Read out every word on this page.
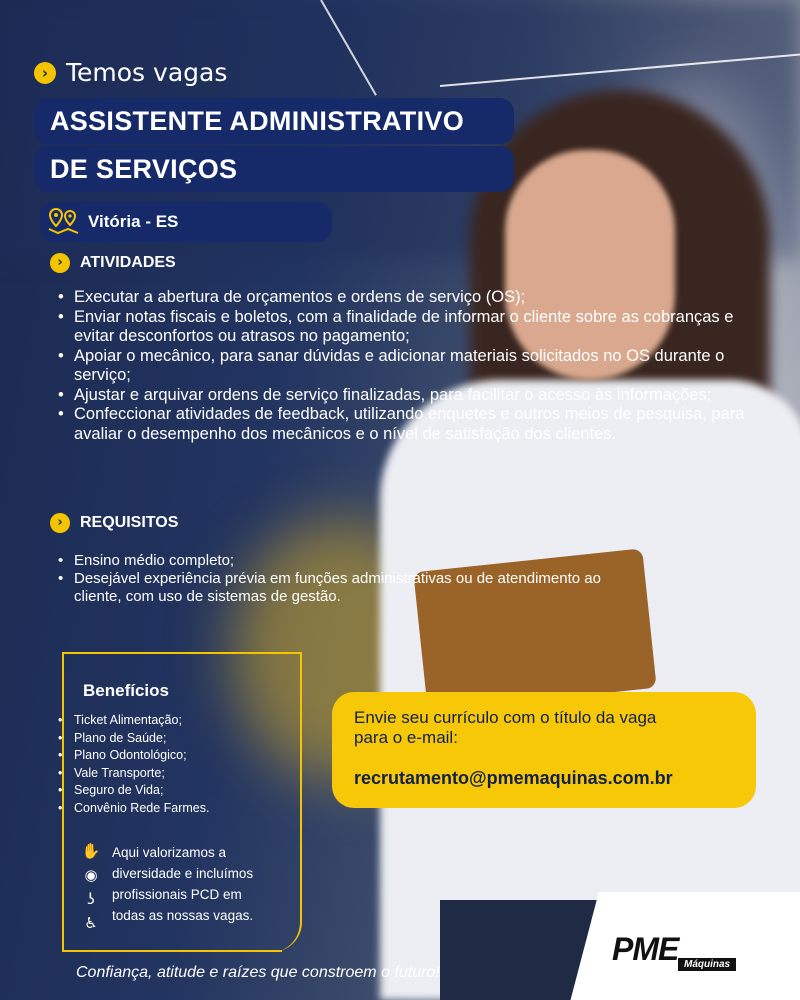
› Temos vagas
ASSISTENTE ADMINISTRATIVO
DE SERVIÇOS
Vitória - ES
›	ATIVIDADES
• Executar a abertura de orçamentos e ordens de serviço (OS);
• Enviar notas fiscais e boletos, com a finalidade de informar o cliente sobre as cobranças e evitar desconfortos ou atrasos no pagamento;
• Apoiar o mecânico, para sanar dúvidas e adicionar materiais solicitados no OS durante o serviço;
• Ajustar e arquivar ordens de serviço finalizadas, para facilitar o acesso às informações;
• Confeccionar atividades de feedback, utilizando enquetes e outros meios de pesquisa, para avaliar o desempenho dos mecânicos e o nível de satisfação dos clientes.
›	REQUISITOS
• Ensino médio completo;
• Desejável experiência prévia em funções administrativas ou de atendimento ao cliente, com uso de sistemas de gestão.
Benefícios
• Ticket Alimentação;
• Plano de Saúde;
• Plano Odontológico;
• Vale Transporte;
• Seguro de Vida;
• Convênio Rede Farmes.
✋
◉
ʖ
♿
Aqui valorizamos a
diversidade e incluímos
profissionais PCD em
todas as nossas vagas.
Envie seu currículo com o título da vaga para o e-mail:
recrutamento@pmemaquinas.com.br
Confiança, atitude e raízes que constroem o futuro!
PME Máquinas
